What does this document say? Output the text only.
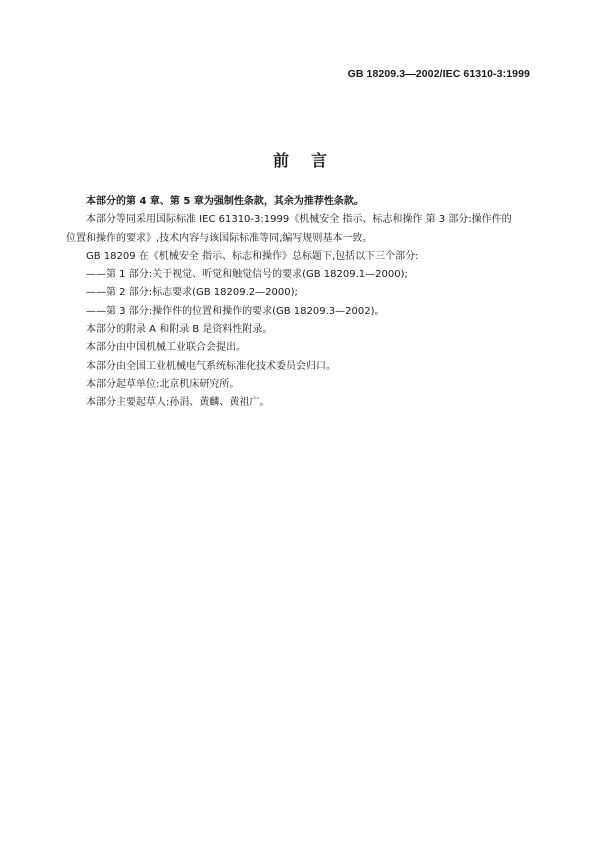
GB 18209.3—2002/IEC 61310-3:1999
前言

本部分的第 4 章、第 5 章为强制性条款，其余为推荐性条款。

本部分等同采用国际标准 IEC 61310-3:1999《机械安全 指示、标志和操作 第 3 部分:操作件的

位置和操作的要求》,技术内容与该国际标准等同,编写规则基本一致。

GB 18209 在《机械安全 指示、标志和操作》总标题下,包括以下三个部分:

——第 1 部分:关于视觉、听觉和触觉信号的要求(GB 18209.1—2000);

——第 2 部分:标志要求(GB 18209.2—2000);

——第 3 部分:操作件的位置和操作的要求(GB 18209.3—2002)。

本部分的附录 A 和附录 B 是资料性附录。

本部分由中国机械工业联合会提出。

本部分由全国工业机械电气系统标准化技术委员会归口。

本部分起草单位:北京机床研究所。

本部分主要起草人:孙涓、黄麟、黄祖广。
